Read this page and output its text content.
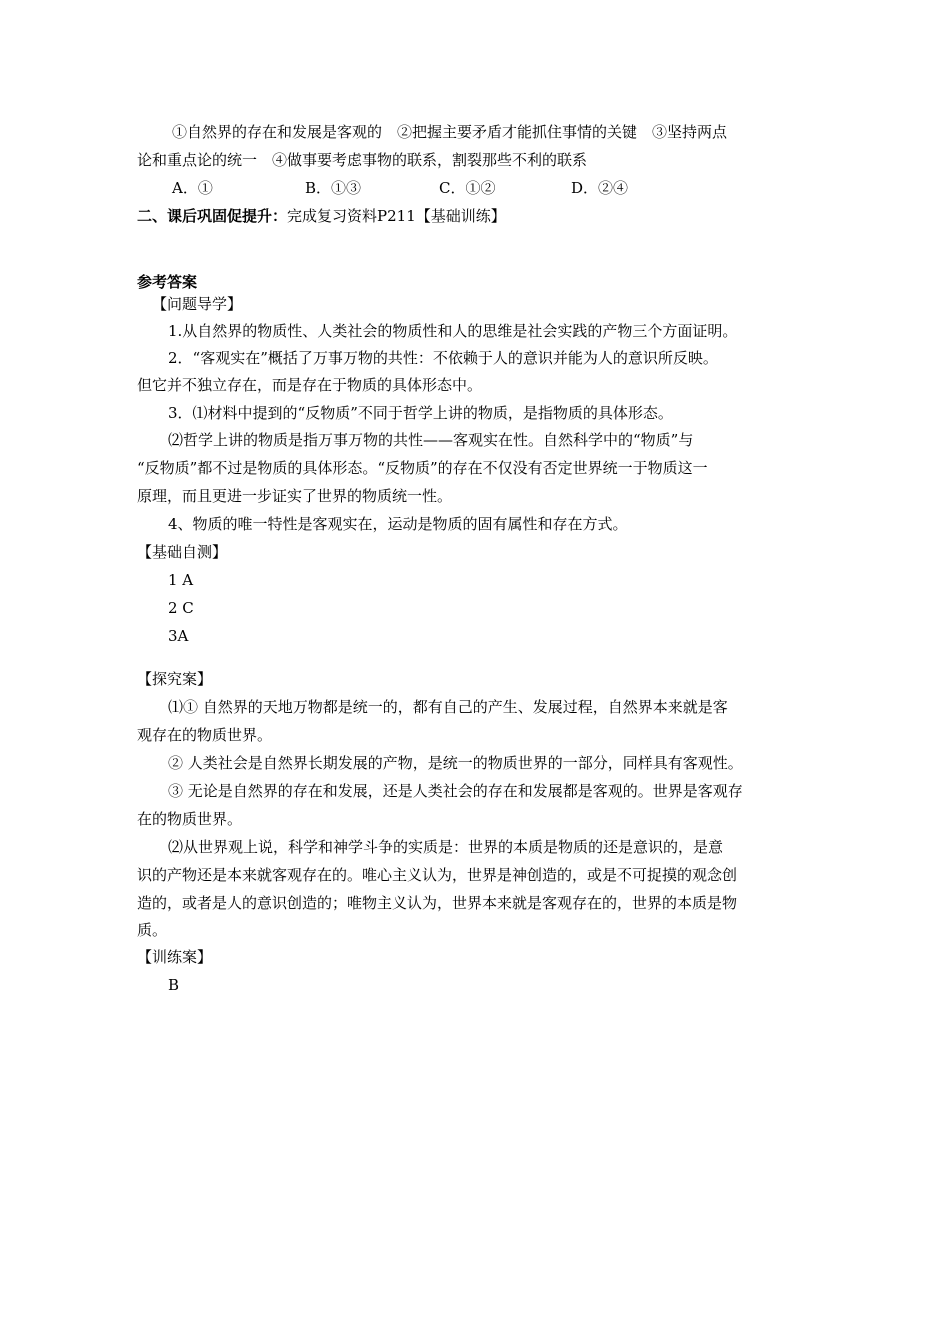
①自然界的存在和发展是客观的　②把握主要矛盾才能抓住事情的关键　③坚持两点
论和重点论的统一　④做事要考虑事物的联系，割裂那些不利的联系
A．①	B．①③	C．①②	D．②④
二、课后巩固促提升：完成复习资料P211【基础训练】
参考答案
【问题导学】
1.从自然界的物质性、人类社会的物质性和人的思维是社会实践的产物三个方面证明。
2．“客观实在”概括了万事万物的共性：不依赖于人的意识并能为人的意识所反映。
但它并不独立存在，而是存在于物质的具体形态中。
3．⑴材料中提到的“反物质”不同于哲学上讲的物质，是指物质的具体形态。
⑵哲学上讲的物质是指万事万物的共性——客观实在性。自然科学中的“物质”与
“反物质”都不过是物质的具体形态。“反物质”的存在不仅没有否定世界统一于物质这一
原理，而且更进一步证实了世界的物质统一性。
4、物质的唯一特性是客观实在，运动是物质的固有属性和存在方式。
【基础自测】
1 A
2 C
3A
【探究案】
⑴① 自然界的天地万物都是统一的，都有自己的产生、发展过程，自然界本来就是客
观存在的物质世界。
② 人类社会是自然界长期发展的产物，是统一的物质世界的一部分，同样具有客观性。
③ 无论是自然界的存在和发展，还是人类社会的存在和发展都是客观的。世界是客观存
在的物质世界。
⑵从世界观上说，科学和神学斗争的实质是：世界的本质是物质的还是意识的，是意
识的产物还是本来就客观存在的。唯心主义认为，世界是神创造的，或是不可捉摸的观念创
造的，或者是人的意识创造的；唯物主义认为，世界本来就是客观存在的，世界的本质是物
质。
【训练案】
B
